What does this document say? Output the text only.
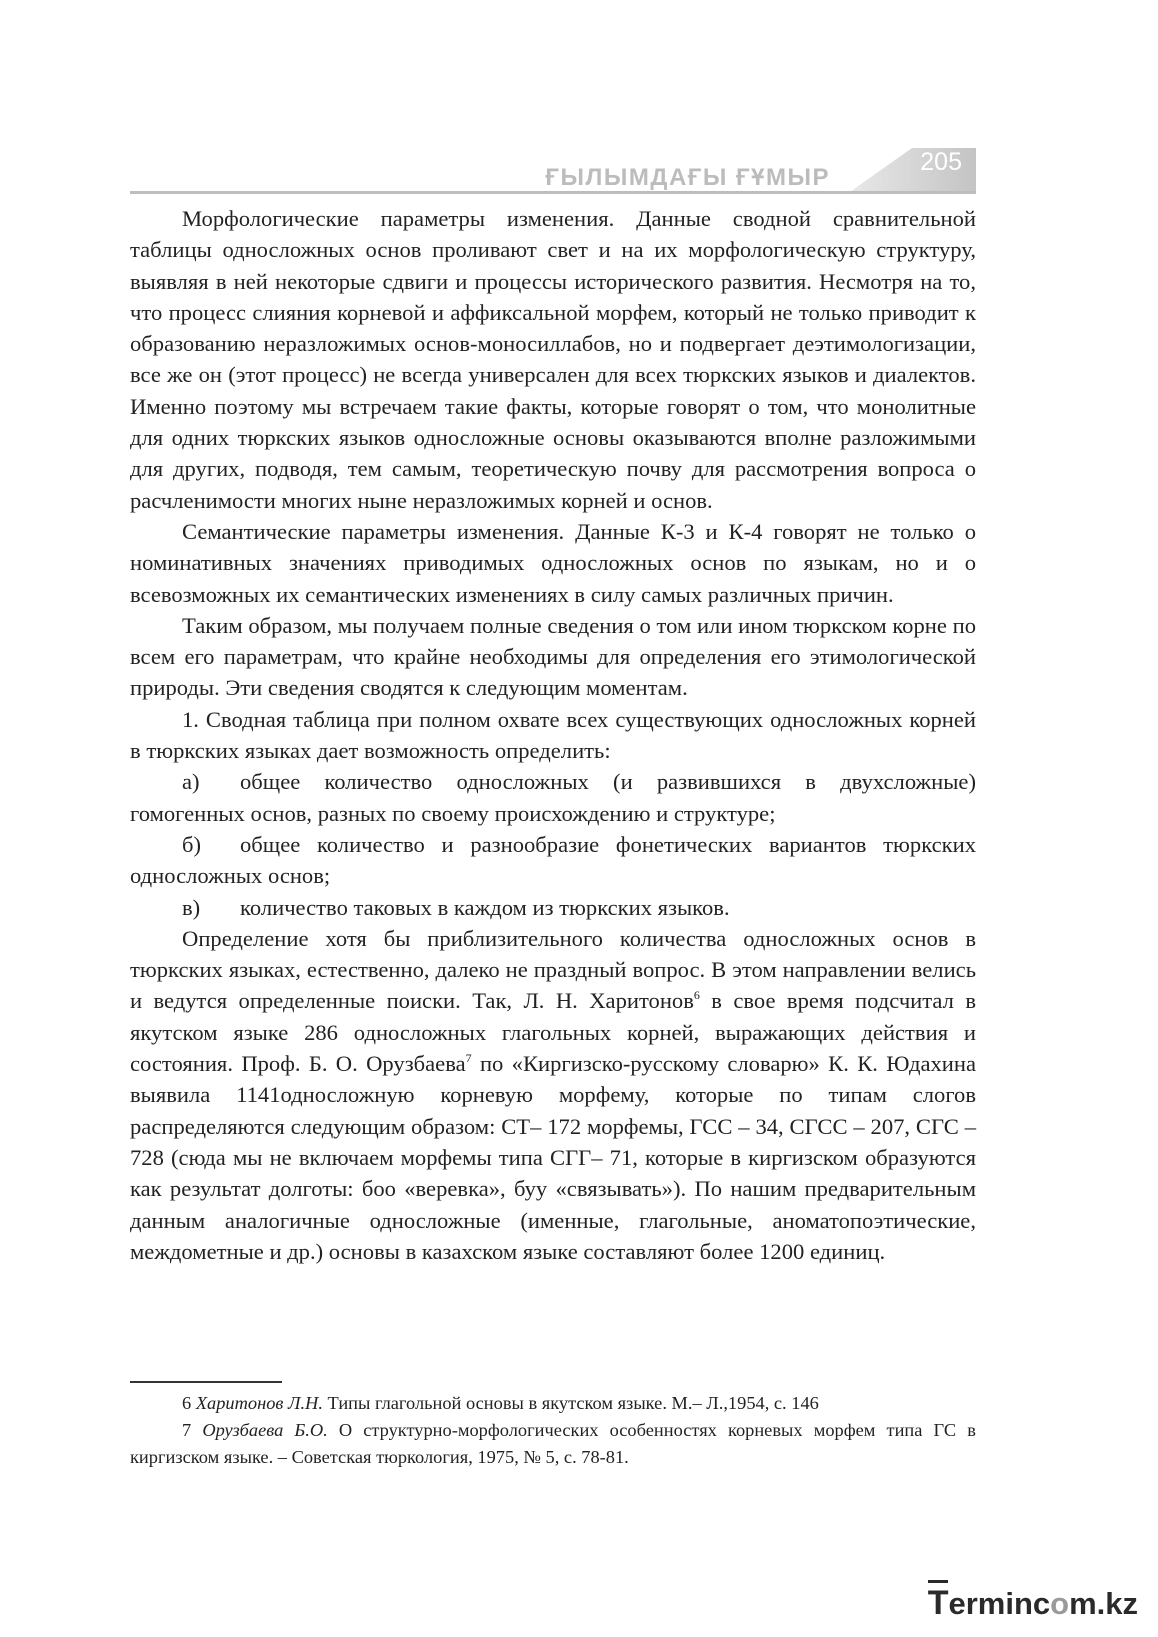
ҒЫЛЫМДАҒЫ ҒҰМЫР
205

Морфологические параметры изменения. Данные сводной сравнительной таблицы односложных основ проливают свет и на их морфологическую структуру, выявляя в ней некоторые сдвиги и процессы исторического развития. Несмотря на то, что процесс слияния корневой и аффиксальной морфем, который не только приводит к образованию неразложимых основ-моносиллабов, но и подвергает деэтимологизации, все же он (этот процесс) не всегда универсален для всех тюркских языков и диалектов. Именно поэтому мы встречаем такие факты, которые говорят о том, что монолитные для одних тюркских языков односложные основы оказываются вполне разложимыми для других, подводя, тем самым, теоретическую почву для рассмотрения вопроса о расчленимости многих ныне неразложимых корней и основ.

Семантические параметры изменения. Данные К-3 и К-4 говорят не только о номинативных значениях приводимых односложных основ по языкам, но и о всевозможных их семантических изменениях в силу самых различных причин.

Таким образом, мы получаем полные сведения о том или ином тюркском корне по всем его параметрам, что крайне необходимы для определения его этимологической природы. Эти сведения сводятся к следующим моментам.

1. Сводная таблица при полном охвате всех существующих односложных корней в тюркских языках дает возможность определить:

а) общее количество односложных (и развившихся в двухсложные) гомогенных основ, разных по своему происхождению и структуре;

б) общее количество и разнообразие фонетических вариантов тюркских односложных основ;

в) количество таковых в каждом из тюркских языков.

Определение хотя бы приблизительного количества односложных основ в тюркских языках, естественно, далеко не праздный вопрос. В этом направлении велись и ведутся определенные поиски. Так, Л. Н. Харитонов$^6$ в свое время подсчитал в якутском языке 286 односложных глагольных корней, выражающих действия и состояния. Проф. Б. О. Орузбаева$^7$ по «Киргизско-русскому словарю» К. К. Юдахина выявила 1141односложную корневую морфему, которые по типам слогов распределяются следующим образом: СТ– 172 морфемы, ГСС – 34, СГСС – 207, СГС – 728 (сюда мы не включаем морфемы типа СГГ– 71, которые в киргизском образуются как результат долготы: боо «веревка», буу «связывать»). По нашим предварительным данным аналогичные односложные (именные, глагольные, аноматопоэтические, междометные и др.) основы в казахском языке составляют более 1200 единиц.

6 Харитонов Л.Н. Типы глагольной основы в якутском языке. М.– Л.,1954, с. 146

7 Орузбаева Б.О. О структурно-морфологических особенностях корневых морфем типа ГС в киргизском языке. – Советская тюркология, 1975, № 5, с. 78-81.

Termincom.kz
